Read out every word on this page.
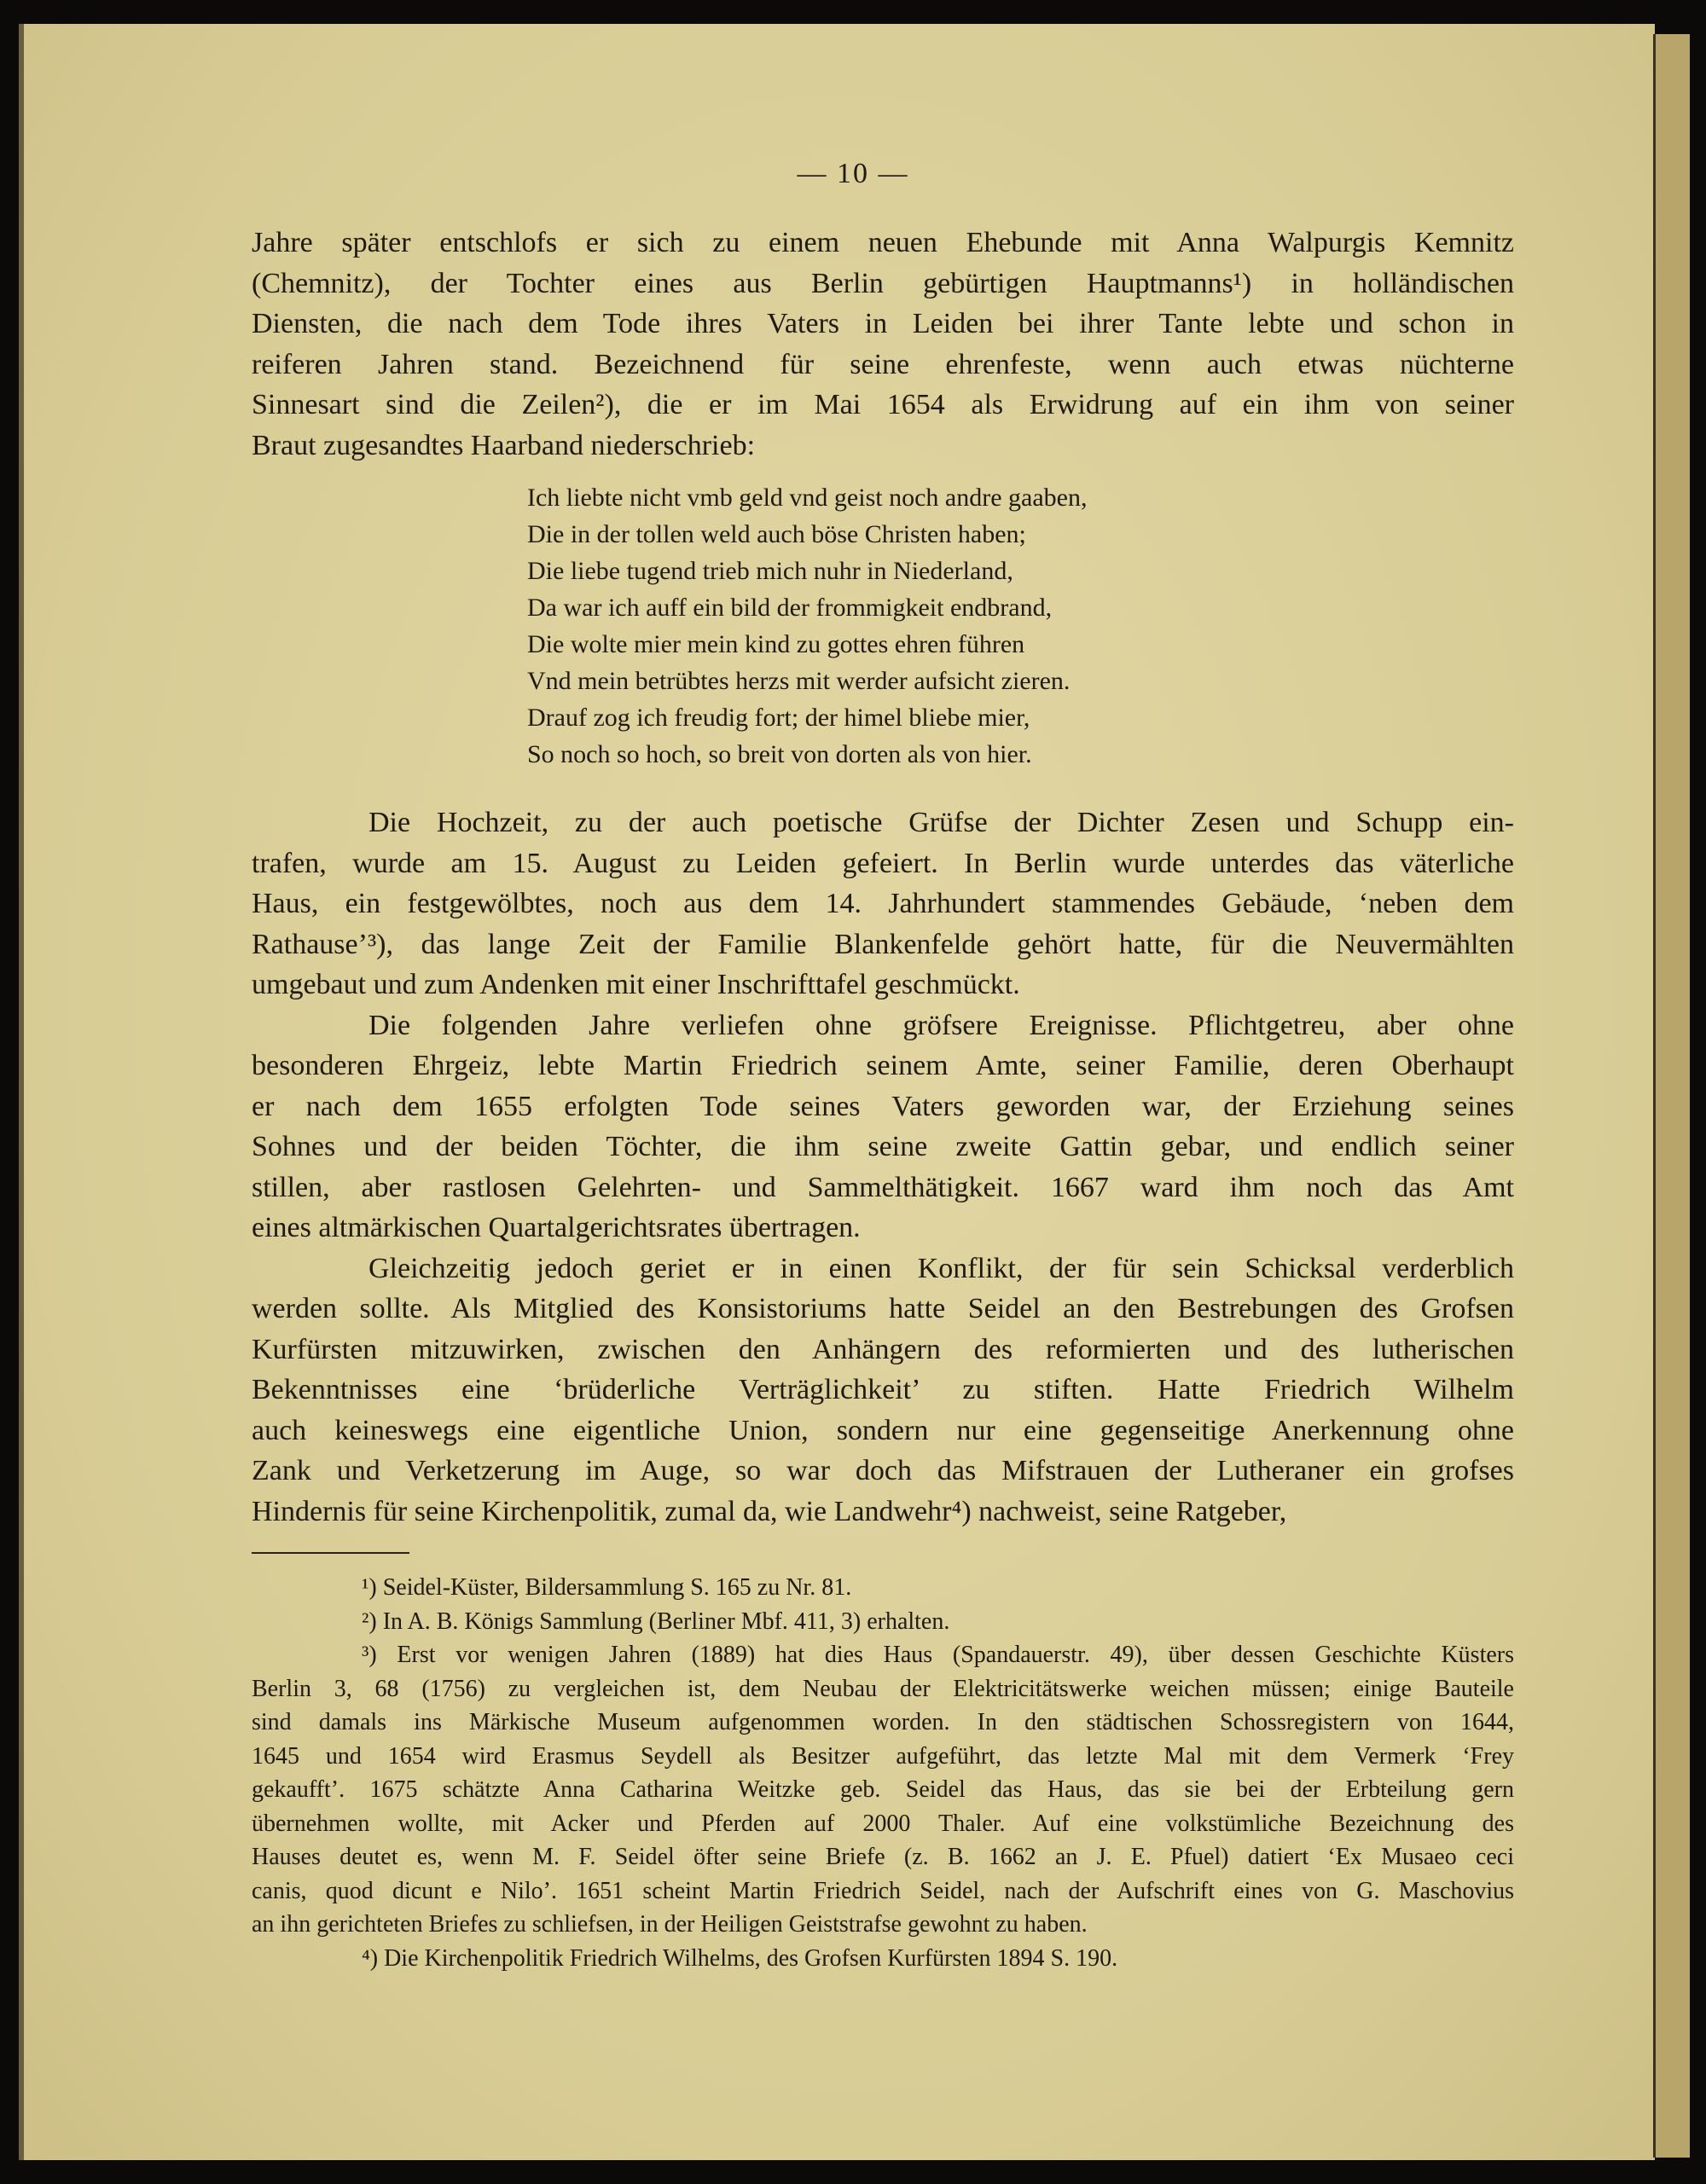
— 10 —
Jahre später entschlofs er sich zu einem neuen Ehebunde mit Anna Walpurgis Kemnitz
(Chemnitz), der Tochter eines aus Berlin gebürtigen Hauptmanns¹) in holländischen
Diensten, die nach dem Tode ihres Vaters in Leiden bei ihrer Tante lebte und schon in
reiferen Jahren stand. Bezeichnend für seine ehrenfeste, wenn auch etwas nüchterne
Sinnesart sind die Zeilen²), die er im Mai 1654 als Erwidrung auf ein ihm von seiner
Braut zugesandtes Haarband niederschrieb:
Ich liebte nicht vmb geld vnd geist noch andre gaaben,
Die in der tollen weld auch böse Christen haben;
Die liebe tugend trieb mich nuhr in Niederland,
Da war ich auff ein bild der frommigkeit endbrand,
Die wolte mier mein kind zu gottes ehren führen
Vnd mein betrübtes herzs mit werder aufsicht zieren.
Drauf zog ich freudig fort; der himel bliebe mier,
So noch so hoch, so breit von dorten als von hier.
Die Hochzeit, zu der auch poetische Grüfse der Dichter Zesen und Schupp ein-
trafen, wurde am 15. August zu Leiden gefeiert. In Berlin wurde unterdes das väterliche
Haus, ein festgewölbtes, noch aus dem 14. Jahrhundert stammendes Gebäude, ‘neben dem
Rathause’³), das lange Zeit der Familie Blankenfelde gehört hatte, für die Neuvermählten
umgebaut und zum Andenken mit einer Inschrifttafel geschmückt.
Die folgenden Jahre verliefen ohne gröfsere Ereignisse. Pflichtgetreu, aber ohne
besonderen Ehrgeiz, lebte Martin Friedrich seinem Amte, seiner Familie, deren Oberhaupt
er nach dem 1655 erfolgten Tode seines Vaters geworden war, der Erziehung seines
Sohnes und der beiden Töchter, die ihm seine zweite Gattin gebar, und endlich seiner
stillen, aber rastlosen Gelehrten- und Sammelthätigkeit. 1667 ward ihm noch das Amt
eines altmärkischen Quartalgerichtsrates übertragen.
Gleichzeitig jedoch geriet er in einen Konflikt, der für sein Schicksal verderblich
werden sollte. Als Mitglied des Konsistoriums hatte Seidel an den Bestrebungen des Grofsen
Kurfürsten mitzuwirken, zwischen den Anhängern des reformierten und des lutherischen
Bekenntnisses eine ‘brüderliche Verträglichkeit’ zu stiften. Hatte Friedrich Wilhelm
auch keineswegs eine eigentliche Union, sondern nur eine gegenseitige Anerkennung ohne
Zank und Verketzerung im Auge, so war doch das Mifstrauen der Lutheraner ein grofses
Hindernis für seine Kirchenpolitik, zumal da, wie Landwehr⁴) nachweist, seine Ratgeber,
¹) Seidel-Küster, Bildersammlung S. 165 zu Nr. 81.
²) In A. B. Königs Sammlung (Berliner Mbf. 411, 3) erhalten.
³) Erst vor wenigen Jahren (1889) hat dies Haus (Spandauerstr. 49), über dessen Geschichte Küsters
Berlin 3, 68 (1756) zu vergleichen ist, dem Neubau der Elektricitätswerke weichen müssen; einige Bauteile
sind damals ins Märkische Museum aufgenommen worden. In den städtischen Schossregistern von 1644,
1645 und 1654 wird Erasmus Seydell als Besitzer aufgeführt, das letzte Mal mit dem Vermerk ‘Frey
gekaufft’. 1675 schätzte Anna Catharina Weitzke geb. Seidel das Haus, das sie bei der Erbteilung gern
übernehmen wollte, mit Acker und Pferden auf 2000 Thaler. Auf eine volkstümliche Bezeichnung des
Hauses deutet es, wenn M. F. Seidel öfter seine Briefe (z. B. 1662 an J. E. Pfuel) datiert ‘Ex Musaeo ceci
canis, quod dicunt e Nilo’. 1651 scheint Martin Friedrich Seidel, nach der Aufschrift eines von G. Maschovius
an ihn gerichteten Briefes zu schliefsen, in der Heiligen Geiststrafse gewohnt zu haben.
⁴) Die Kirchenpolitik Friedrich Wilhelms, des Grofsen Kurfürsten 1894 S. 190.
